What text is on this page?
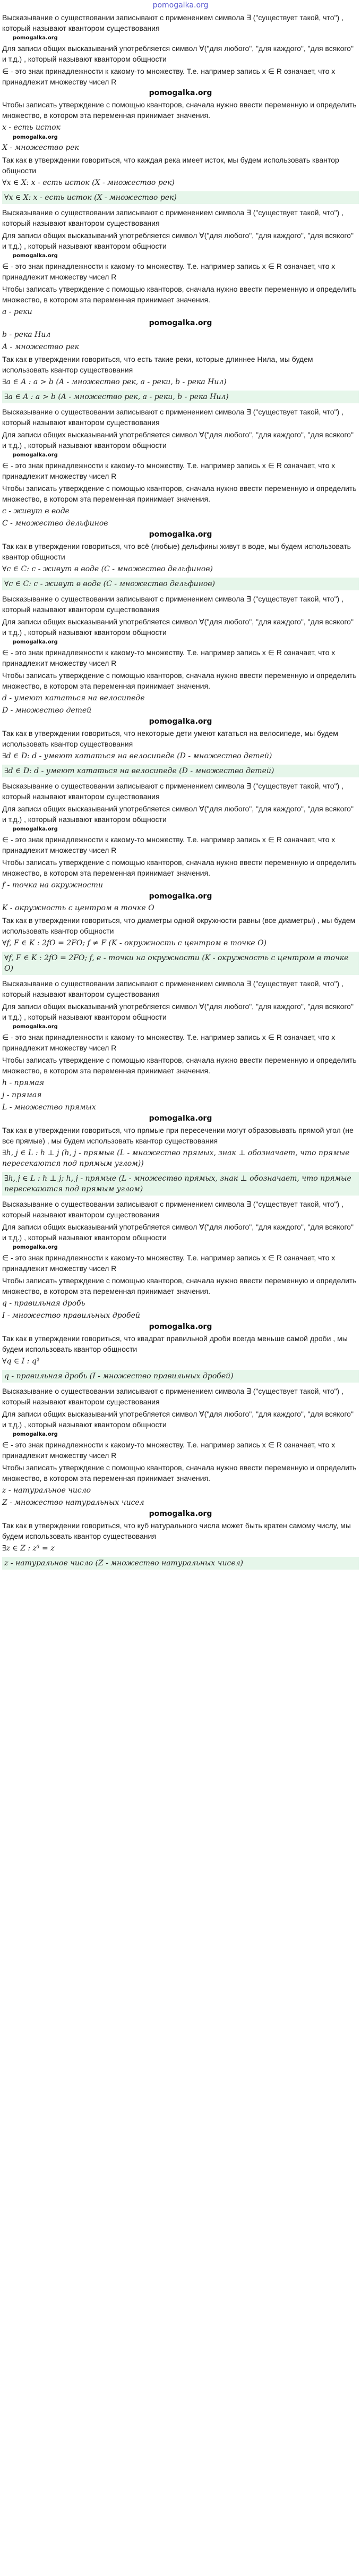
pomogalka.org
Высказывание о существовании записывают с применением символа ∃ ("существует такой, что") , который называют квантором существования
pomogalka.org
Для записи общих высказываний употребляется символ ∀("для любого", "для каждого", "для всякого" и т.д.) , который называют квантором общности
∈ - это знак принадлежности к какому-то множеству. Т.е. например запись x ∈ R означает, что x принадлежит множеству чисел R
pomogalka.org
Чтобы записать утверждение с помощью кванторов, сначала нужно ввести переменную и определить множество, в котором эта переменная принимает значения.
x - есть исток
pomogalka.org
X - множество рек
Так как в утверждении говориться, что каждая река имеет исток, мы будем использовать квантор общности
∀x ∈ X: x - есть исток (X - множество рек)
∀x ∈ X: x - есть исток (X - множество рек)
Высказывание о существовании записывают с применением символа ∃ ("существует такой, что") , который называют квантором существования
Для записи общих высказываний употребляется символ ∀("для любого", "для каждого", "для всякого" и т.д.) , который называют квантором общности
pomogalka.org
∈ - это знак принадлежности к какому-то множеству. Т.е. например запись x ∈ R означает, что x принадлежит множеству чисел R
Чтобы записать утверждение с помощью кванторов, сначала нужно ввести переменную и определить множество, в котором эта переменная принимает значения.
a - реки
pomogalka.org
b - река Нил
A - множество рек
Так как в утверждении говориться, что есть такие реки, которые длиннее Нила, мы будем использовать квантор существования
∃a ∈ A : a > b (A - множество рек, a - реки, b - река Нил)
∃a ∈ A : a > b (A - множество рек, a - реки, b - река Нил)
Высказывание о существовании записывают с применением символа ∃ ("существует такой, что") , который называют квантором существования
Для записи общих высказываний употребляется символ ∀("для любого", "для каждого", "для всякого" и т.д.) , который называют квантором общности
pomogalka.org
∈ - это знак принадлежности к какому-то множеству. Т.е. например запись x ∈ R означает, что x принадлежит множеству чисел R
Чтобы записать утверждение с помощью кванторов, сначала нужно ввести переменную и определить множество, в котором эта переменная принимает значения.
c - живут в воде
C - множество дельфинов
pomogalka.org
Так как в утверждении говориться, что всё (любые) дельфины живут в воде, мы будем использовать квантор общности
∀c ∈ C: c - живут в воде (C - множество дельфинов)
∀c ∈ C: c - живут в воде (C - множество дельфинов)
Высказывание о существовании записывают с применением символа ∃ ("существует такой, что") , который называют квантором существования
Для записи общих высказываний употребляется символ ∀("для любого", "для каждого", "для всякого" и т.д.) , который называют квантором общности
pomogalka.org
∈ - это знак принадлежности к какому-то множеству. Т.е. например запись x ∈ R означает, что x принадлежит множеству чисел R
Чтобы записать утверждение с помощью кванторов, сначала нужно ввести переменную и определить множество, в котором эта переменная принимает значения.
d - умеют кататься на велосипеде
D - множество детей
pomogalka.org
Так как в утверждении говориться, что некоторые дети умеют кататься на велосипеде, мы будем использовать квантор существования
∃d ∈ D: d - умеют кататься на велосипеде (D - множество детей)
∃d ∈ D: d - умеют кататься на велосипеде (D - множество детей)
Высказывание о существовании записывают с применением символа ∃ ("существует такой, что") , который называют квантором существования
Для записи общих высказываний употребляется символ ∀("для любого", "для каждого", "для всякого" и т.д.) , который называют квантором общности
pomogalka.org
∈ - это знак принадлежности к какому-то множеству. Т.е. например запись x ∈ R означает, что x принадлежит множеству чисел R
Чтобы записать утверждение с помощью кванторов, сначала нужно ввести переменную и определить множество, в котором эта переменная принимает значения.
f - точка на окружности
pomogalka.org
K - окружность с центром в точке O
Так как в утверждении говориться, что диаметры одной окружности равны (все диаметры) , мы будем использовать квантор общности
∀f, F ∈ K : 2fO = 2FO; f ≠ F (K - окружность с центром в точке O)
∀f, F ∈ K : 2fO = 2FO; f, e - точки на окружности (K - окружность с центром в точке O)
Высказывание о существовании записывают с применением символа ∃ ("существует такой, что") , который называют квантором существования
Для записи общих высказываний употребляется символ ∀("для любого", "для каждого", "для всякого" и т.д.) , который называют квантором общности
pomogalka.org
∈ - это знак принадлежности к какому-то множеству. Т.е. например запись x ∈ R означает, что x принадлежит множеству чисел R
Чтобы записать утверждение с помощью кванторов, сначала нужно ввести переменную и определить множество, в котором эта переменная принимает значения.
h - прямая
j - прямая
L - множество прямых
pomogalka.org
Так как в утверждении говориться, что прямые при пересечении могут образовывать прямой угол (не все прямые) , мы будем использовать квантор существования
∃h, j ∈ L : h ⊥ j (h, j - прямые (L - множество прямых, знак ⊥ обозначает, что прямые пересекаются под прямым углом))
∃h, j ∈ L : h ⊥ j; h, j - прямые (L - множество прямых, знак ⊥ обозначает, что прямые пересекаются под прямым углом)
Высказывание о существовании записывают с применением символа ∃ ("существует такой, что") , который называют квантором существования
Для записи общих высказываний употребляется символ ∀("для любого", "для каждого", "для всякого" и т.д.) , который называют квантором общности
pomogalka.org
∈ - это знак принадлежности к какому-то множеству. Т.е. например запись x ∈ R означает, что x принадлежит множеству чисел R
Чтобы записать утверждение с помощью кванторов, сначала нужно ввести переменную и определить множество, в котором эта переменная принимает значения.
q - правильная дробь
I - множество правильных дробей
pomogalka.org
Так как в утверждении говориться, что квадрат правильной дроби всегда меньше самой дроби , мы будем использовать квантор общности
∀q ∈ I : q²
q - правильная дробь (I - множество правильных дробей)
Высказывание о существовании записывают с применением символа ∃ ("существует такой, что") , который называют квантором существования
Для записи общих высказываний употребляется символ ∀("для любого", "для каждого", "для всякого" и т.д.) , который называют квантором общности
pomogalka.org
∈ - это знак принадлежности к какому-то множеству. Т.е. например запись x ∈ R означает, что x принадлежит множеству чисел R
Чтобы записать утверждение с помощью кванторов, сначала нужно ввести переменную и определить множество, в котором эта переменная принимает значения.
z - натуральное число
Z - множество натуральных чисел
pomogalka.org
Так как в утверждении говориться, что куб натурального числа может быть кратен самому числу, мы будем использовать квантор существования
∃z ∈ Z : z³ = z
z - натуральное число (Z - множество натуральных чисел)
